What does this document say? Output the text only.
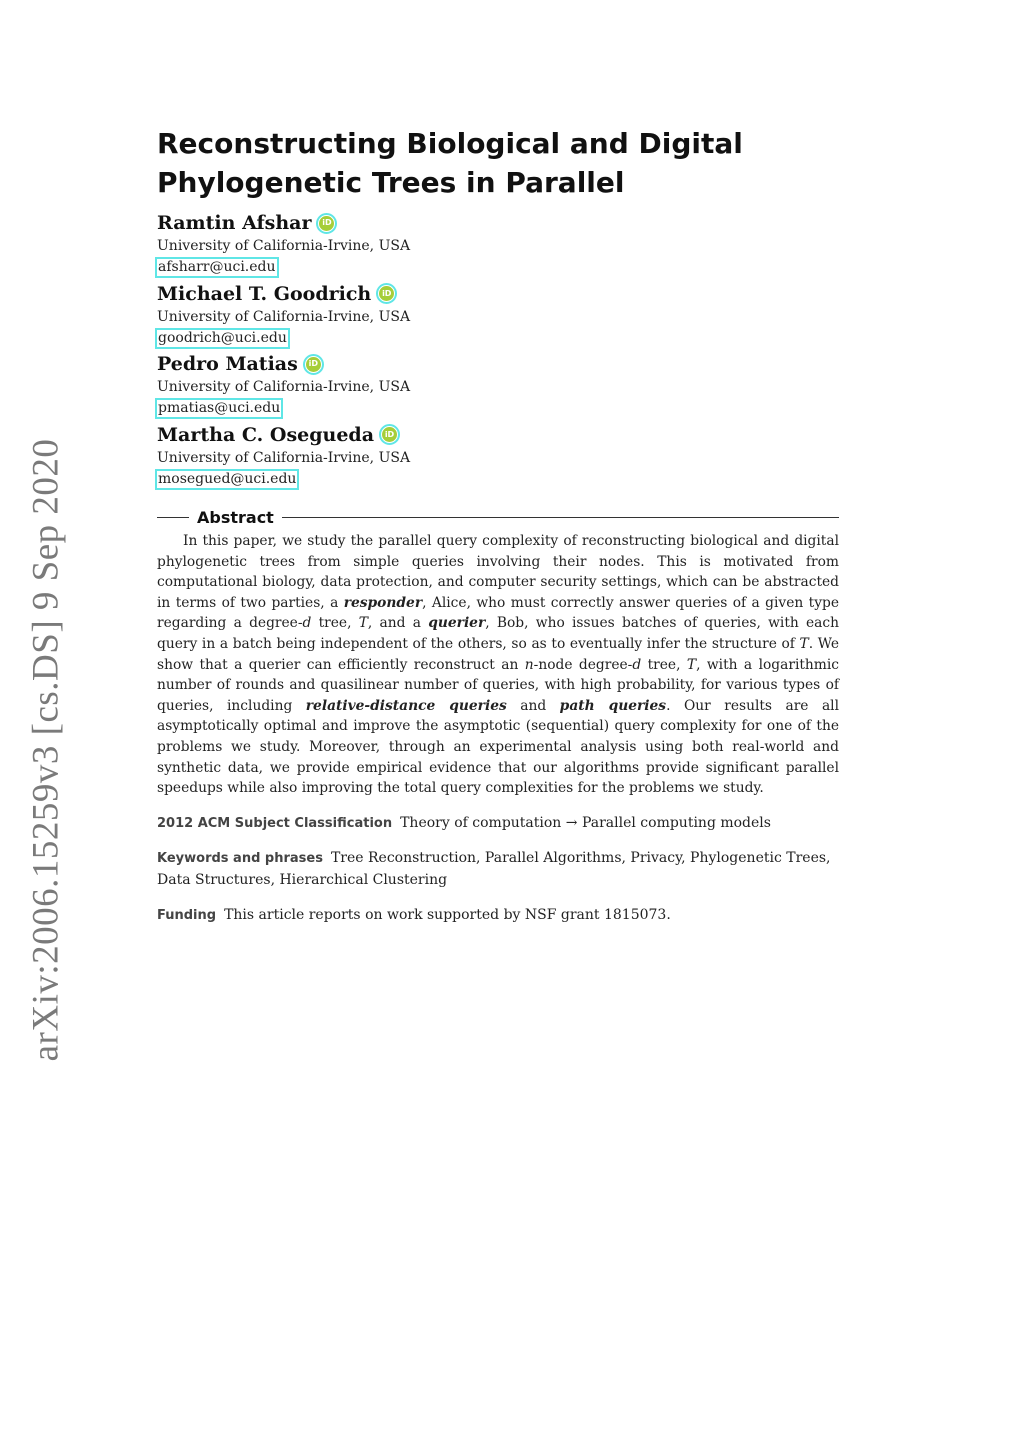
arXiv:2006.15259v3 [cs.DS] 9 Sep 2020
Reconstructing Biological and Digital Phylogenetic Trees in Parallel
Ramtin Afshar	iD
University of California-Irvine, USA
afsharr@uci.edu
Michael T. Goodrich	iD
University of California-Irvine, USA
goodrich@uci.edu
Pedro Matias	iD
University of California-Irvine, USA
pmatias@uci.edu
Martha C. Osegueda	iD
University of California-Irvine, USA
mosegued@uci.edu
Abstract

In this paper, we study the parallel query complexity of reconstructing biological and digital phylogenetic trees from simple queries involving their nodes. This is motivated from computational biology, data protection, and computer security settings, which can be abstracted in terms of two parties, a responder, Alice, who must correctly answer queries of a given type regarding a degree-d tree, T, and a querier, Bob, who issues batches of queries, with each query in a batch being independent of the others, so as to eventually infer the structure of T. We show that a querier can efficiently reconstruct an n-node degree-d tree, T, with a logarithmic number of rounds and quasilinear number of queries, with high probability, for various types of queries, including relative-distance queries and path queries. Our results are all asymptotically optimal and improve the asymptotic (sequential) query complexity for one of the problems we study. Moreover, through an experimental analysis using both real-world and synthetic data, we provide empirical evidence that our algorithms provide significant parallel speedups while also improving the total query complexities for the problems we study.

2012 ACM Subject Classification Theory of computation → Parallel computing models

Keywords and phrases Tree Reconstruction, Parallel Algorithms, Privacy, Phylogenetic Trees, Data Structures, Hierarchical Clustering

Funding This article reports on work supported by NSF grant 1815073.
